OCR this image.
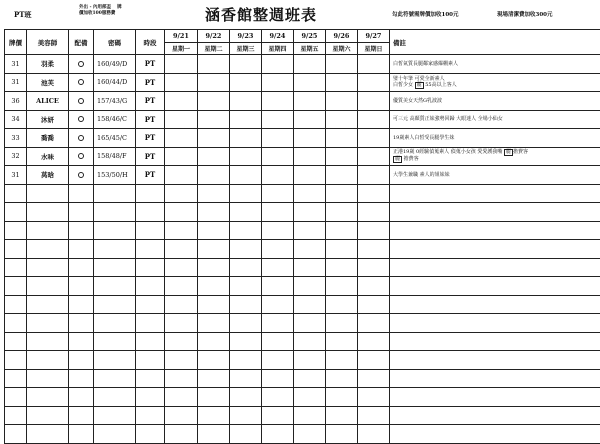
PT班
外出 - 內用部盃　 牌
價加收100服務費	涵香館整週班表	勾此符號需牌價加收100元	現場清潔費加收300元
牌價	美容師	配備	密碼	時段	9/21	9/22	9/23	9/24	9/25	9/26	9/27	備註
					星期一	星期二	星期三	星期四	星期五	星期六	星期日	
31	羽柔		160/49/D	PT								白皙氣質長腿鄰家感爆棚素人

31	池芙		160/44/D	PT								璧十年筆 可愛全新素人
白皙少女 麗 55高以上客人

36	ALICE		157/43/G	PT								優質美女天然G乳波波

34	沐妍		158/46/C	PT								可三元 高顏質正妹強勢回歸 大眼迷人 全場小仙女

33	喬喬		165/45/C	PT								19歲素人白皙受長腿學生妹

32	水味		158/48/F	PT								正港19歲 0經驗偵蒐素人 偵蒐小女孩 愛愛護我嘴 麗 擔費客
麗 擔費客

31	莴晗		153/50/H	PT								大學生兼職 素人的姐妹妹
